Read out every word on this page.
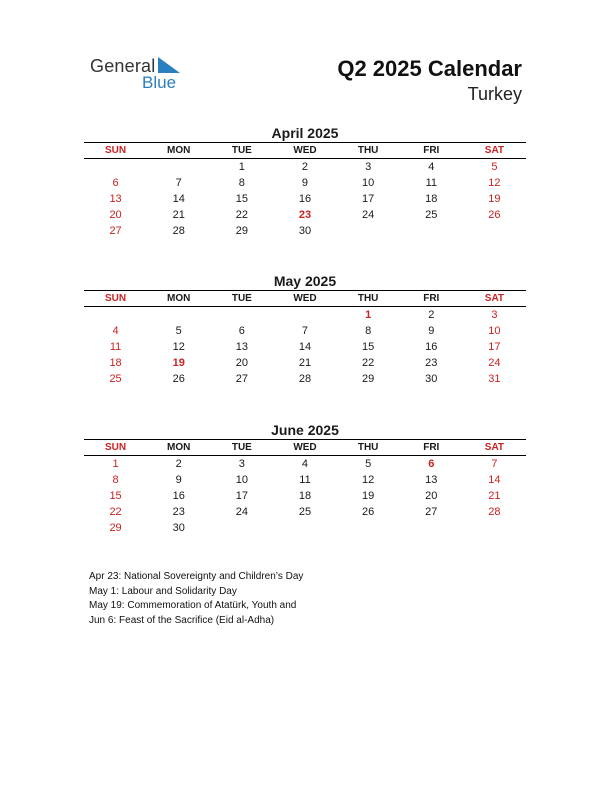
General
Blue
Q2 2025 Calendar
Turkey
April 2025
SUN	MON	TUE	WED	THU	FRI	SAT
		1	2	3	4	5
6	7	8	9	10	11	12
13	14	15	16	17	18	19
20	21	22	23	24	25	26
27	28	29	30			
May 2025
SUN	MON	TUE	WED	THU	FRI	SAT
				1	2	3
4	5	6	7	8	9	10
11	12	13	14	15	16	17
18	19	20	21	22	23	24
25	26	27	28	29	30	31
June 2025
SUN	MON	TUE	WED	THU	FRI	SAT
1	2	3	4	5	6	7
8	9	10	11	12	13	14
15	16	17	18	19	20	21
22	23	24	25	26	27	28
29	30					
Apr 23: National Sovereignty and Children’s Day
May 1: Labour and Solidarity Day
May 19: Commemoration of Atatürk, Youth and
Jun 6: Feast of the Sacrifice (Eid al-Adha)
